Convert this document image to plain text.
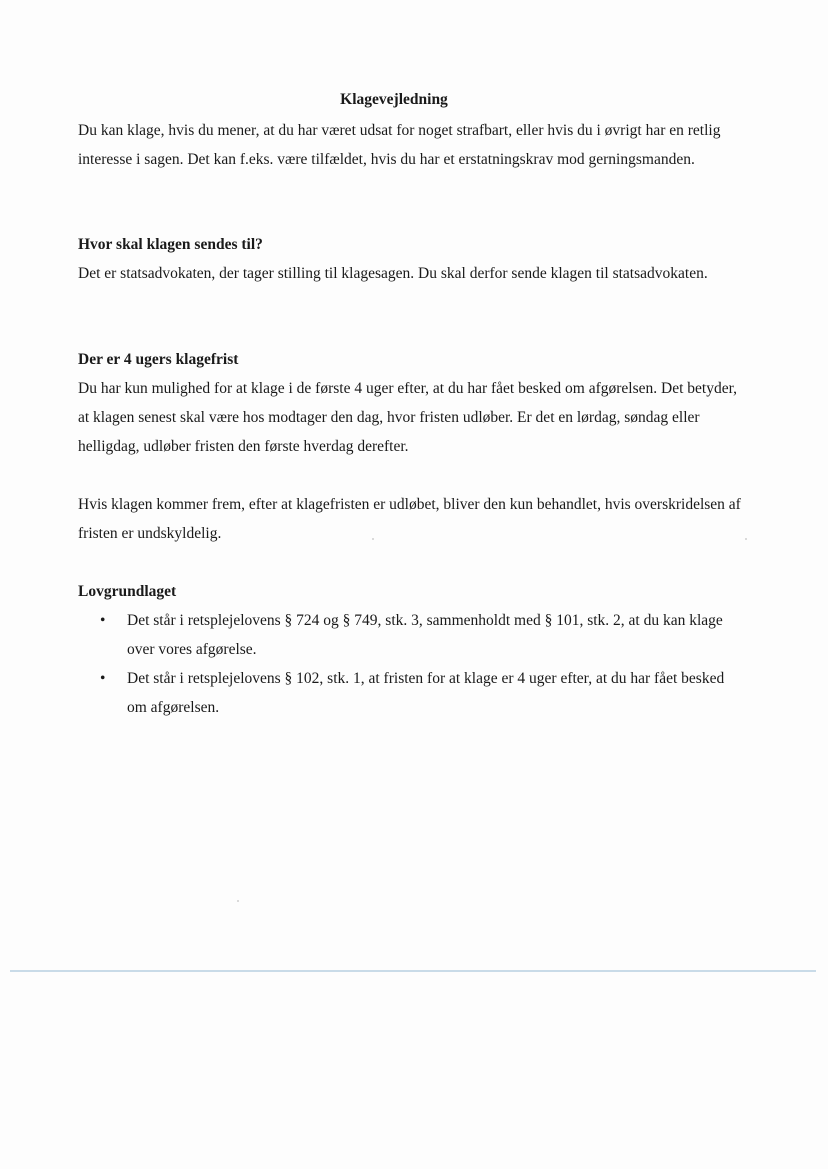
Klagevejledning

Du kan klage, hvis du mener, at du har været udsat for noget strafbart, eller hvis du i øvrigt har en retlig interesse i sagen. Det kan f.eks. være tilfældet, hvis du har et erstatningskrav mod gerningsmanden.

Hvor skal klagen sendes til?

Det er statsadvokaten, der tager stilling til klagesagen. Du skal derfor sende klagen til statsadvokaten.

Der er 4 ugers klagefrist

Du har kun mulighed for at klage i de første 4 uger efter, at du har fået besked om afgørelsen. Det betyder, at klagen senest skal være hos modtager den dag, hvor fristen udløber. Er det en lørdag, søndag eller helligdag, udløber fristen den første hverdag derefter.

Hvis klagen kommer frem, efter at klagefristen er udløbet, bliver den kun behandlet, hvis overskridelsen af fristen er undskyldelig.

Lovgrundlaget
• Det står i retsplejelovens § 724 og § 749, stk. 3, sammenholdt med § 101, stk. 2, at du kan klage over vores afgørelse.
• Det står i retsplejelovens § 102, stk. 1, at fristen for at klage er 4 uger efter, at du har fået besked om afgørelsen.
